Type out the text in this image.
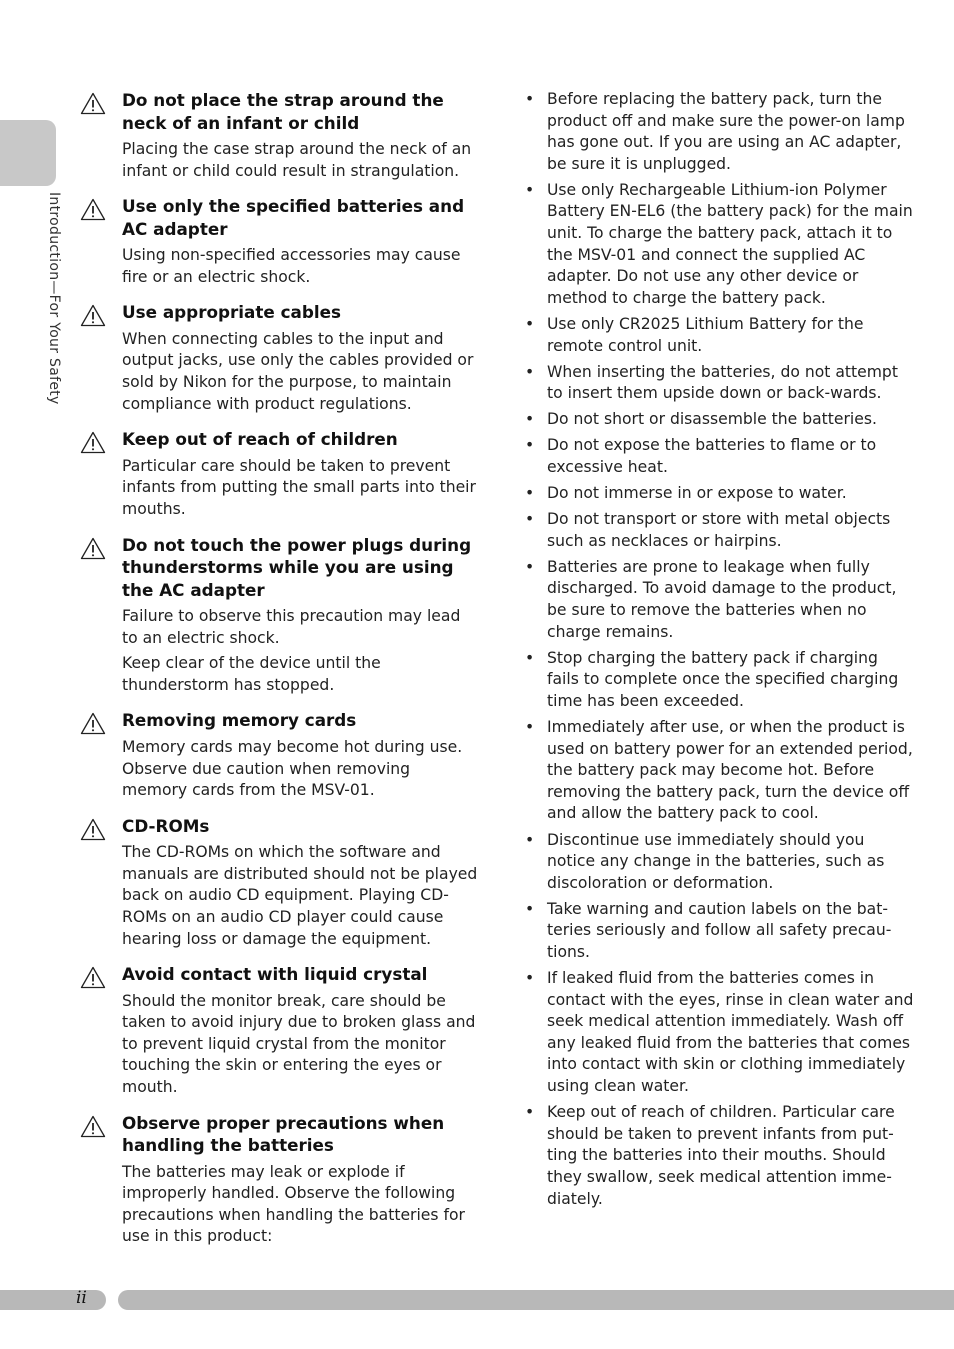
Introduction—For Your Safety
Do not place the strap around the neck of an infant or child

Placing the case strap around the neck of an infant or child could result in strangulation.

Use only the specified batteries and AC adapter

Using non-specified accessories may cause fire or an electric shock.

Use appropriate cables

When connecting cables to the input and output jacks, use only the cables provided or sold by Nikon for the purpose, to maintain compliance with product regulations.

Keep out of reach of children

Particular care should be taken to prevent infants from putting the small parts into their mouths.

Do not touch the power plugs during thunderstorms while you are using the AC adapter

Failure to observe this precaution may lead to an electric shock.

Keep clear of the device until the thunderstorm has stopped.

Removing memory cards

Memory cards may become hot during use. Observe due caution when removing memory cards from the MSV-01.

CD-ROMs

The CD-ROMs on which the software and manuals are distributed should not be played back on audio CD equipment. Playing CD-ROMs on an audio CD player could cause hearing loss or damage the equipment.

Avoid contact with liquid crystal

Should the monitor break, care should be taken to avoid injury due to broken glass and to prevent liquid crystal from the monitor touching the skin or entering the eyes or mouth.

Observe proper precautions when handling the batteries

The batteries may leak or explode if improperly handled. Observe the following precautions when handling the batteries for use in this product:

• Before replacing the battery pack, turn the product off and make sure the power-on lamp has gone out. If you are using an AC adapter, be sure it is unplugged.
• Use only Rechargeable Lithium-ion Polymer Battery EN-EL6 (the battery pack) for the main unit. To charge the battery pack, attach it to the MSV-01 and connect the supplied AC adapter. Do not use any other device or method to charge the battery pack.
• Use only CR2025 Lithium Battery for the remote control unit.
• When inserting the batteries, do not attempt to insert them upside down or back-wards.
• Do not short or disassemble the batteries.
• Do not expose the batteries to flame or to excessive heat.
• Do not immerse in or expose to water.
• Do not transport or store with metal objects such as necklaces or hairpins.
• Batteries are prone to leakage when fully discharged. To avoid damage to the product, be sure to remove the batteries when no charge remains.
• Stop charging the battery pack if charging fails to complete once the specified charging time has been exceeded.
• Immediately after use, or when the product is used on battery power for an extended period, the battery pack may become hot. Before removing the battery pack, turn the device off and allow the battery pack to cool.
• Discontinue use immediately should you notice any change in the batteries, such as discoloration or deformation.
• Take warning and caution labels on the bat-teries seriously and follow all safety precau-tions.
• If leaked fluid from the batteries comes in contact with the eyes, rinse in clean water and seek medical attention immediately. Wash off any leaked fluid from the batteries that comes into contact with skin or clothing immediately using clean water.
• Keep out of reach of children. Particular care should be taken to prevent infants from put-ting the batteries into their mouths. Should they swallow, seek medical attention imme-diately.
ii
